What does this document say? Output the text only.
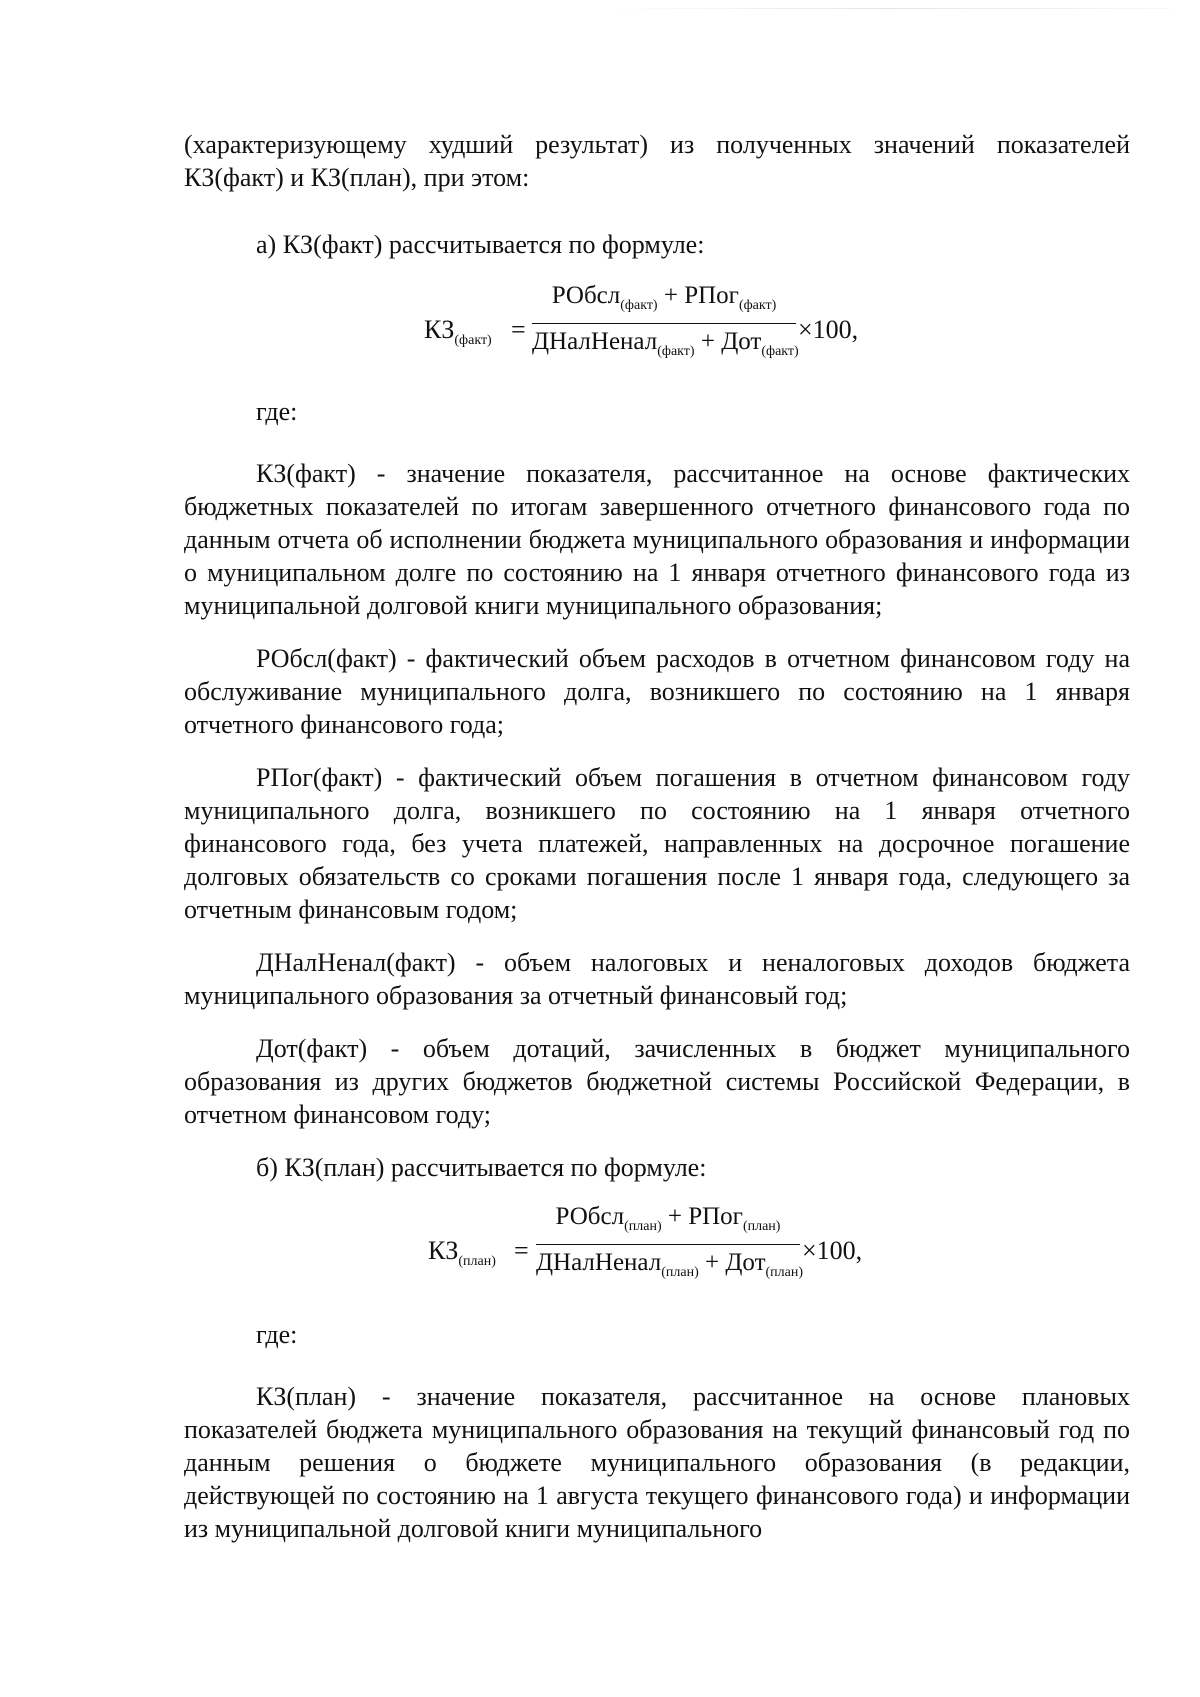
(характеризующему худший результат) из полученных значений показателей КЗ(факт) и КЗ(план), при этом:

а) КЗ(факт) рассчитывается по формуле:

$КЗ_{(факт)}$ =
РОбсл$_{(факт)}$ + РПог$_{(факт)}$
ДНалНенал$_{(факт)}$ + Дот$_{(факт)}$
×100,

где:

КЗ(факт) - значение показателя, рассчитанное на основе фактических бюджетных показателей по итогам завершенного отчетного финансового года по данным отчета об исполнении бюджета муниципального образования и информации о муниципальном долге по состоянию на 1 января отчетного финансового года из муниципальной долговой книги муниципального образования;

РОбсл(факт) - фактический объем расходов в отчетном финансовом году на обслуживание муниципального долга, возникшего по состоянию на 1 января отчетного финансового года;

РПог(факт) - фактический объем погашения в отчетном финансовом году муниципального долга, возникшего по состоянию на 1 января отчетного финансового года, без учета платежей, направленных на досрочное погашение долговых обязательств со сроками погашения после 1 января года, следующего за отчетным финансовым годом;

ДНалНенал(факт) - объем налоговых и неналоговых доходов бюджета муниципального образования за отчетный финансовый год;

Дот(факт) - объем дотаций, зачисленных в бюджет муниципального образования из других бюджетов бюджетной системы Российской Федерации, в отчетном финансовом году;

б) КЗ(план) рассчитывается по формуле:

$КЗ_{(план)}$ =
РОбсл$_{(план)}$ + РПог$_{(план)}$
ДНалНенал$_{(план)}$ + Дот$_{(план)}$
×100,

где:

КЗ(план) - значение показателя, рассчитанное на основе плановых показателей бюджета муниципального образования на текущий финансовый год по данным решения о бюджете муниципального образования (в редакции, действующей по состоянию на 1 августа текущего финансового года) и информации из муниципальной долговой книги муниципального
